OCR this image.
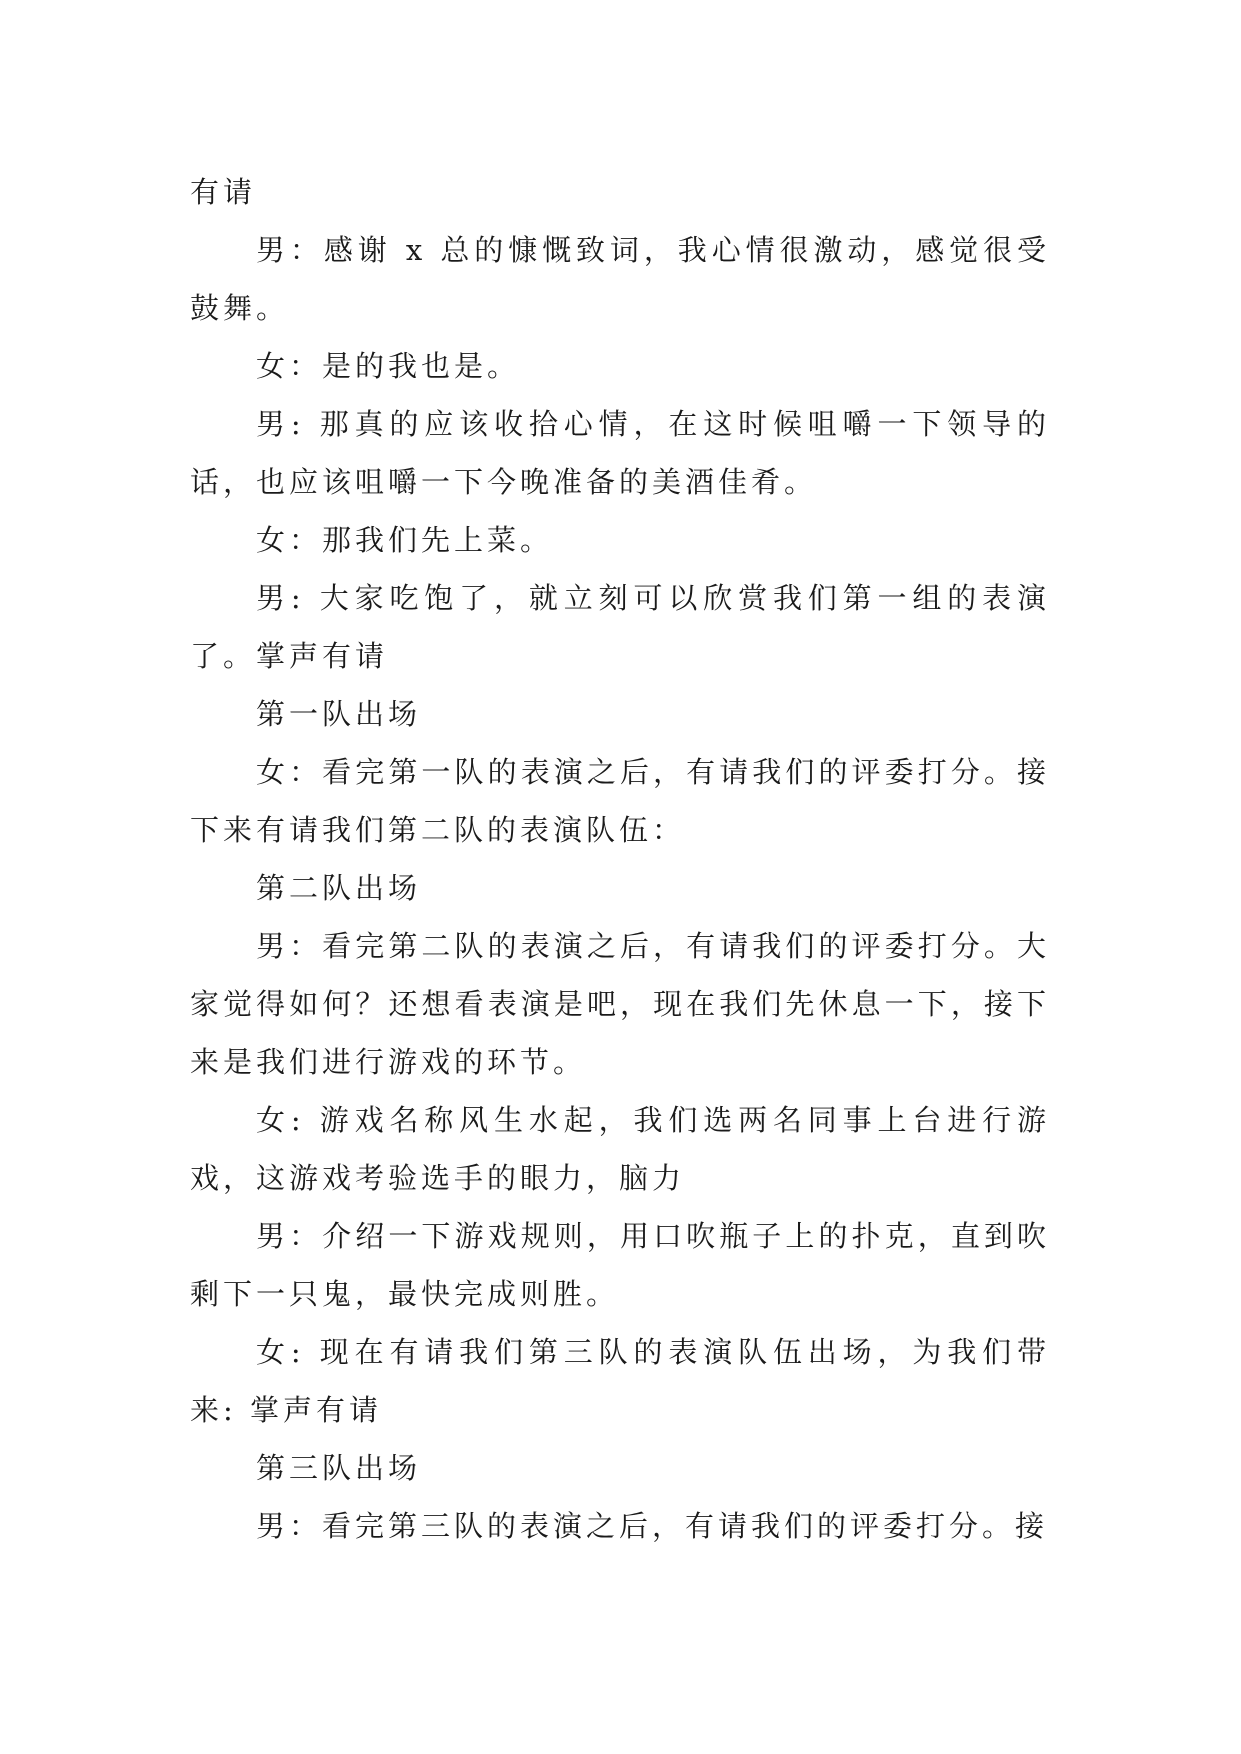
有请

男：感谢 x 总的慷慨致词，我心情很激动，感觉很受鼓舞。

女：是的我也是。

男: 那真的应该收拾心情，在这时候咀嚼一下领导的话，也应该咀嚼一下今晚准备的美酒佳肴。

女：那我们先上菜。

男: 大家吃饱了，就立刻可以欣赏我们第一组的表演了。掌声有请

第一队出场

女：看完第一队的表演之后，有请我们的评委打分。接下来有请我们第二队的表演队伍：

第二队出场

男：看完第二队的表演之后，有请我们的评委打分。大家觉得如何？还想看表演是吧，现在我们先休息一下，接下来是我们进行游戏的环节。

女: 游戏名称风生水起，我们选两名同事上台进行游戏，这游戏考验选手的眼力，脑力

男：介绍一下游戏规则，用口吹瓶子上的扑克，直到吹剩下一只鬼，最快完成则胜。

女: 现在有请我们第三队的表演队伍出场，为我们带来: 掌声有请

第三队出场

男：看完第三队的表演之后，有请我们的评委打分。接
